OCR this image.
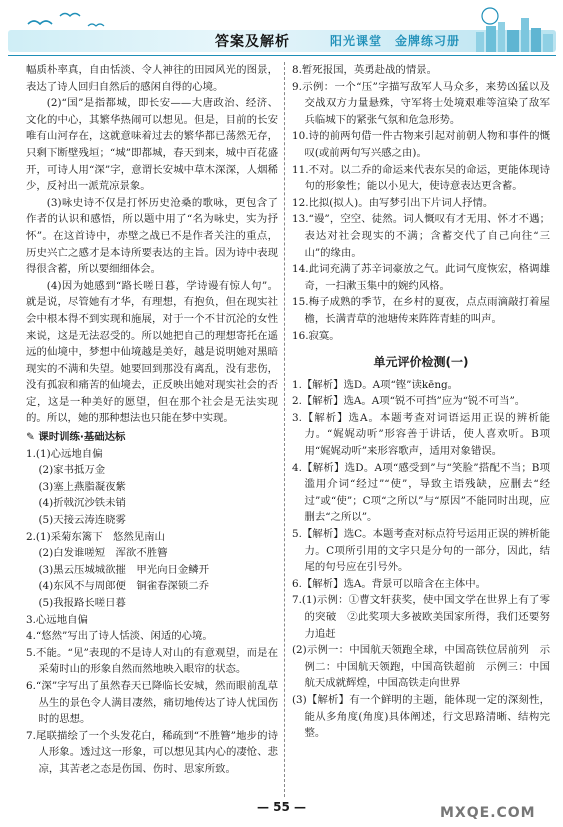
答案及解析	阳光课堂　金牌练习册

幅质朴率真，自由恬淡、令人神往的田园风光的图景，表达了诗人回归自然后的感闲自得的心境。

(2)“国”是指都城，即长安——大唐政治、经济、文化的中心，其繁华热闹可以想见。但是，目前的长安唯有山河存在，这就意味着过去的繁华都已荡然无存，只剩下断壁残垣；“城”即都城，春天到来，城中百花盛开，可诗人用“深”字，意谓长安城中草木深深，人烟稀少，反衬出一派荒凉景象。

(3)咏史诗不仅是打怀历史沧桑的歌咏，更包含了作者的认识和感悟，所以题中用了“名为咏史，实为抒怀”。在这首诗中，赤壁之战已不是作者关注的重点，历史兴亡之感才是本诗所要表达的主旨。因为诗中表现得很含蓄，所以要细细体会。

(4)因为她感到“路长嗟日暮，学诗谩有惊人句”。就是说，尽管她有才华，有理想，有抱负，但在现实社会中根本得不到实现和施展，对于一个不甘沉沦的女性来说，这是无法忍受的。所以她把自己的理想寄托在遥远的仙境中，梦想中仙境越是美好，越是说明她对黑暗现实的不满和失望。她要回到那没有离乱，没有悲伤，没有孤寂和痛苦的仙境去，正反映出她对现实社会的否定，这是一种美好的愿望，但在那个社会是无法实现的。所以，她的那种想法也只能在梦中实现。

✎ 课时训练·基础达标

1.(1)心远地自偏

(2)家书抵万金

(3)塞上燕脂凝夜紫

(4)折戟沉沙铁未销

(5)天接云涛连晓雾

2.(1)采菊东篱下　悠然见南山

(2)白发谁嗟短　浑欲不胜簪

(3)黑云压城城欲摧　甲光向日金鳞开

(4)东风不与周郎便　铜雀春深锁二乔

(5)我报路长嗟日暮

3.心远地自偏

4.“悠然”写出了诗人恬淡、闲适的心境。

5.不能。“见”表现的不是诗人对山的有意观望，而是在采菊时山的形象自然而然地映入眼帘的状态。

6.“深”字写出了虽然春天已降临长安城，然而眼前乱草丛生的景色令人满目凄然，痛切地传达了诗人忧国伤时的思想。

7.尾联描绘了一个头发花白，稀疏到“不胜簪”地步的诗人形象。透过这一形象，可以想见其内心的凄怆、悲凉，其苦老之态是伤国、伤时、思家所致。

8.暂死报国，英勇赴战的情景。

9.示例：一个“压”字描写敌军人马众多，来势凶猛以及交战双方力量悬殊，守军将士处境艰难等渲染了敌军兵临城下的紧张气氛和危急形势。

10.诗的前两句借一件古物来引起对前朝人物和事件的慨叹(或前两句写兴感之由)。

11.不对。以二乔的命运来代表东吴的命运，更能体现诗句的形象性；能以小见大，使诗意表达更含蓄。

12.比拟(拟人)。由写梦引出下片词人抒情。

13.“谩”，空空、徒然。词人慨叹有才无用、怀才不遇；表达对社会现实的不满；含蓄交代了自己向往“三山”的缘由。

14.此词充满了苏辛词豪放之气。此词气度恢宏，格调雄奇，一扫漱玉集中的婉约风格。

15.梅子成熟的季节，在乡村的夏夜，点点雨滴敲打着屋檐，长满青草的池塘传来阵阵青蛙的叫声。

16.寂寞。

单元评价检测(一)

1.【解析】选D。A项“铿”读kēng。

2.【解析】选A。A项“锐不可挡”应为“锐不可当”。

3.【解析】选A。本题考查对词语运用正误的辨析能力。“娓娓动听”形容善于讲话，使人喜欢听。B项用“娓娓动听”来形容歌声，适用对象错误。

4.【解析】选D。A项“感受到”与“笑脸”搭配不当；B项滥用介词“经过”“使”，导致主语残缺，应删去“经过”或“使”；C项“之所以”与“原因”不能同时出现，应删去“之所以”。

5.【解析】选C。本题考查对标点符号运用正误的辨析能力。C项所引用的文字只是分句的一部分，因此，结尾的句号应在引号外。

6.【解析】选A。背景可以暗含在主体中。

7.(1)示例：①曹文轩获奖，使中国文学在世界上有了零的突破　②此奖项大多被欧美国家所得，我们还要努力追赶

(2)示例一：中国航天领跑全球，中国高铁位居前列　示例二：中国航天领跑，中国高铁超前　示例三：中国航天成就辉煌，中国高铁走向世界

(3)【解析】有一个鲜明的主题，能体现一定的深刻性，能从多角度(角度)具体阐述，行文思路清晰、结构完整。

— 55 —	MXQE.COM
